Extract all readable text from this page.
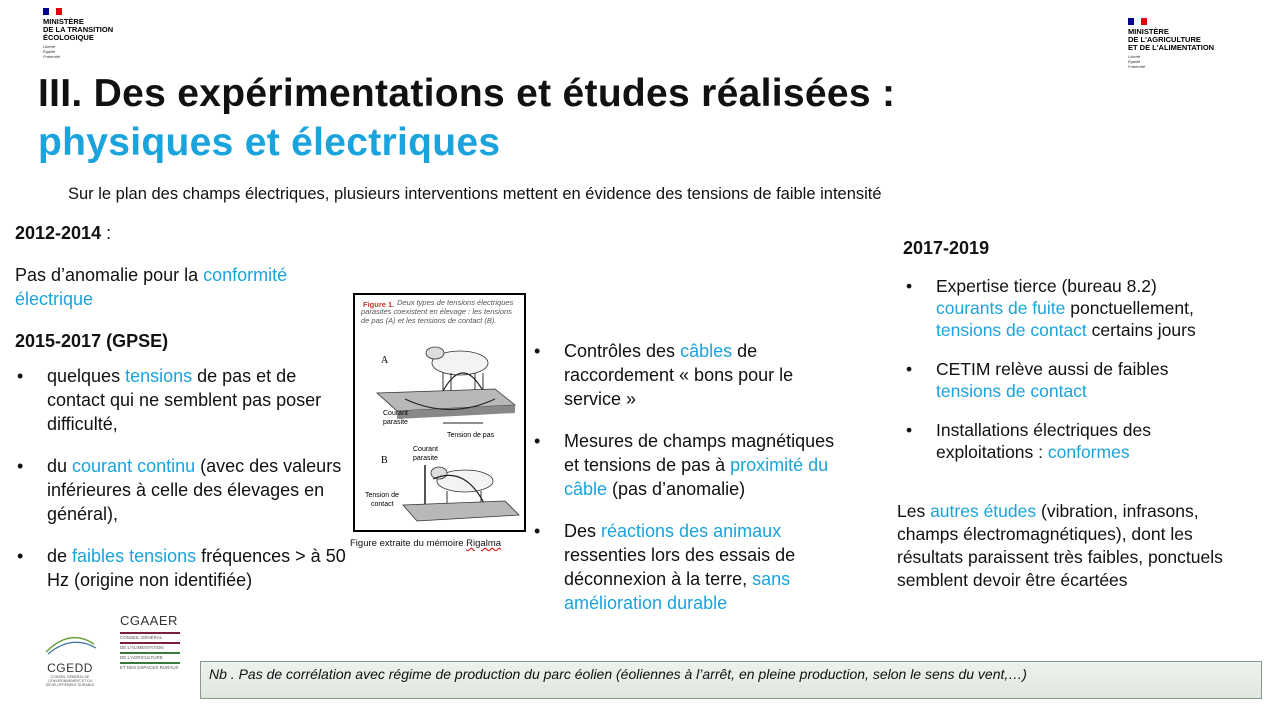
MINISTÈRE
DE LA TRANSITION
ÉCOLOGIQUE
Liberté
Égalité
Fraternité
MINISTÈRE
DE L'AGRICULTURE
ET DE L'ALIMENTATION
Liberté
Égalité
Fraternité
III. Des expérimentations et études réalisées :
physiques et électriques
Sur le plan des champs électriques, plusieurs interventions mettent en évidence des tensions de faible intensité
2012-2014 :
Pas d’anomalie pour la conformité
électrique
2015-2017 (GPSE)
• quelques tensions de pas et de contact qui ne semblent pas poser difficulté,
• du courant continu (avec des valeurs inférieures à celle des élevages en général),
• de faibles tensions fréquences > à 50 Hz (origine non identifiée)
Figure 1. Deux types de tensions électriques parasites coexistent en élevage : les tensions de pas (A) et les tensions de contact (B).
A
Courant
parasite
Tension de pas
B
Courant
parasite
Tension de
contact
Figure extraite du mémoire Rigalma
• Contrôles des câbles de raccordement « bons pour le service »
• Mesures de champs magnétiques et tensions de pas à proximité du câble (pas d’anomalie)
• Des réactions des animaux ressenties lors des essais de déconnexion à la terre, sans amélioration durable
2017-2019
• Expertise tierce (bureau 8.2) courants de fuite ponctuellement, tensions de contact certains jours
• CETIM relève aussi de faibles tensions de contact
• Installations électriques des exploitations : conformes
Les autres études (vibration, infrasons, champs électromagnétiques), dont les résultats paraissent très faibles, ponctuels semblent devoir être écartées
CGEDD
CONSEIL GÉNÉRAL DE L'ENVIRONNEMENT ET DU DÉVELOPPEMENT DURABLE
CGAAER
CONSEIL GÉNÉRAL
DE L'ALIMENTATION
DE L'AGRICULTURE
ET DES ESPACES RURAUX	Nb . Pas de corrélation avec régime de production du parc éolien (éoliennes à l’arrêt, en pleine production, selon le sens du vent,…)
